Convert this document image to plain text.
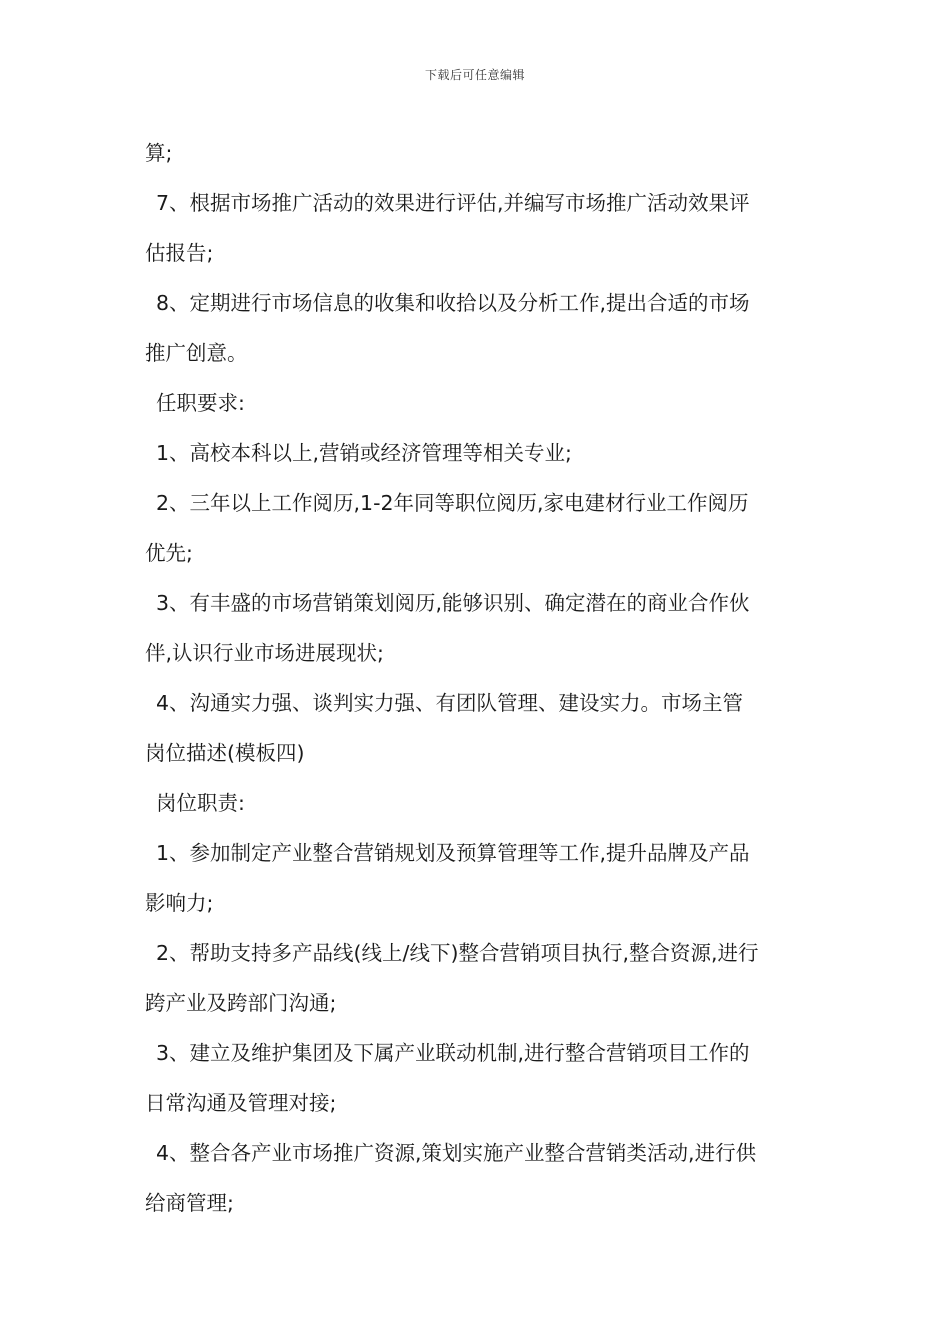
下载后可任意编辑
算;
7、根据市场推广活动的效果进行评估,并编写市场推广活动效果评
估报告;
8、定期进行市场信息的收集和收拾以及分析工作,提出合适的市场
推广创意。
任职要求:
1、高校本科以上,营销或经济管理等相关专业;
2、三年以上工作阅历,1-2年同等职位阅历,家电建材行业工作阅历
优先;
3、有丰盛的市场营销策划阅历,能够识别、确定潜在的商业合作伙
伴,认识行业市场进展现状;
4、沟通实力强、谈判实力强、有团队管理、建设实力。市场主管
岗位描述(模板四)
岗位职责:
1、参加制定产业整合营销规划及预算管理等工作,提升品牌及产品
影响力;
2、帮助支持多产品线(线上/线下)整合营销项目执行,整合资源,进行
跨产业及跨部门沟通;
3、建立及维护集团及下属产业联动机制,进行整合营销项目工作的
日常沟通及管理对接;
4、整合各产业市场推广资源,策划实施产业整合营销类活动,进行供
给商管理;
